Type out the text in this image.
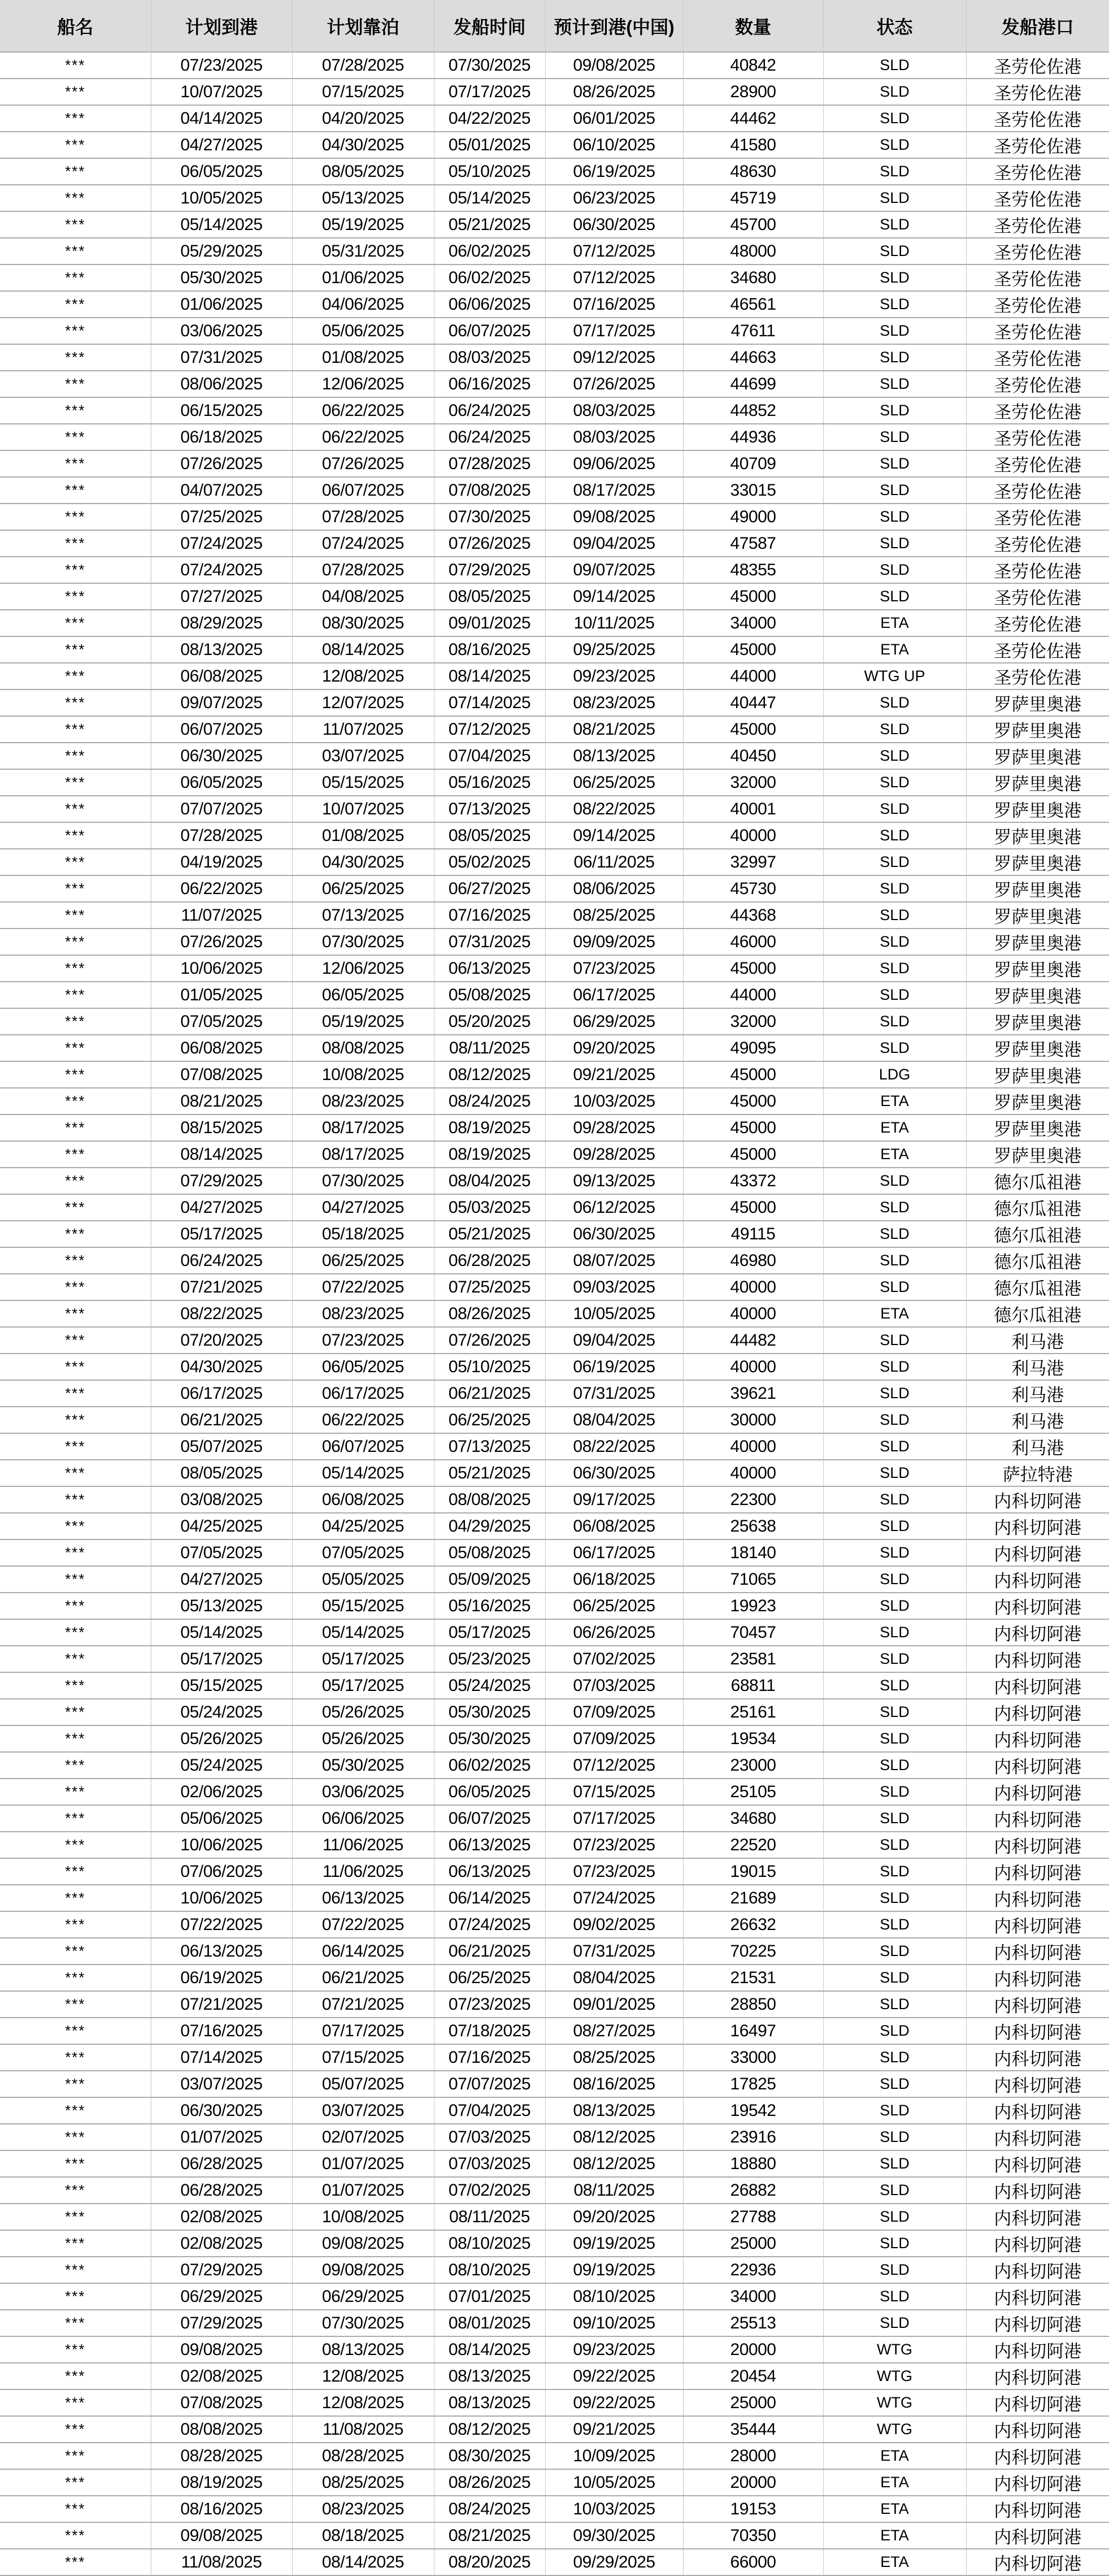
船名	计划到港	计划靠泊	发船时间	预计到港(中国)	数量	状态	发船港口
***	07/23/2025	07/28/2025	07/30/2025	09/08/2025	40842	SLD	圣劳伦佐港
***	10/07/2025	07/15/2025	07/17/2025	08/26/2025	28900	SLD	圣劳伦佐港
***	04/14/2025	04/20/2025	04/22/2025	06/01/2025	44462	SLD	圣劳伦佐港
***	04/27/2025	04/30/2025	05/01/2025	06/10/2025	41580	SLD	圣劳伦佐港
***	06/05/2025	08/05/2025	05/10/2025	06/19/2025	48630	SLD	圣劳伦佐港
***	10/05/2025	05/13/2025	05/14/2025	06/23/2025	45719	SLD	圣劳伦佐港
***	05/14/2025	05/19/2025	05/21/2025	06/30/2025	45700	SLD	圣劳伦佐港
***	05/29/2025	05/31/2025	06/02/2025	07/12/2025	48000	SLD	圣劳伦佐港
***	05/30/2025	01/06/2025	06/02/2025	07/12/2025	34680	SLD	圣劳伦佐港
***	01/06/2025	04/06/2025	06/06/2025	07/16/2025	46561	SLD	圣劳伦佐港
***	03/06/2025	05/06/2025	06/07/2025	07/17/2025	47611	SLD	圣劳伦佐港
***	07/31/2025	01/08/2025	08/03/2025	09/12/2025	44663	SLD	圣劳伦佐港
***	08/06/2025	12/06/2025	06/16/2025	07/26/2025	44699	SLD	圣劳伦佐港
***	06/15/2025	06/22/2025	06/24/2025	08/03/2025	44852	SLD	圣劳伦佐港
***	06/18/2025	06/22/2025	06/24/2025	08/03/2025	44936	SLD	圣劳伦佐港
***	07/26/2025	07/26/2025	07/28/2025	09/06/2025	40709	SLD	圣劳伦佐港
***	04/07/2025	06/07/2025	07/08/2025	08/17/2025	33015	SLD	圣劳伦佐港
***	07/25/2025	07/28/2025	07/30/2025	09/08/2025	49000	SLD	圣劳伦佐港
***	07/24/2025	07/24/2025	07/26/2025	09/04/2025	47587	SLD	圣劳伦佐港
***	07/24/2025	07/28/2025	07/29/2025	09/07/2025	48355	SLD	圣劳伦佐港
***	07/27/2025	04/08/2025	08/05/2025	09/14/2025	45000	SLD	圣劳伦佐港
***	08/29/2025	08/30/2025	09/01/2025	10/11/2025	34000	ETA	圣劳伦佐港
***	08/13/2025	08/14/2025	08/16/2025	09/25/2025	45000	ETA	圣劳伦佐港
***	06/08/2025	12/08/2025	08/14/2025	09/23/2025	44000	WTG UP	圣劳伦佐港
***	09/07/2025	12/07/2025	07/14/2025	08/23/2025	40447	SLD	罗萨里奥港
***	06/07/2025	11/07/2025	07/12/2025	08/21/2025	45000	SLD	罗萨里奥港
***	06/30/2025	03/07/2025	07/04/2025	08/13/2025	40450	SLD	罗萨里奥港
***	06/05/2025	05/15/2025	05/16/2025	06/25/2025	32000	SLD	罗萨里奥港
***	07/07/2025	10/07/2025	07/13/2025	08/22/2025	40001	SLD	罗萨里奥港
***	07/28/2025	01/08/2025	08/05/2025	09/14/2025	40000	SLD	罗萨里奥港
***	04/19/2025	04/30/2025	05/02/2025	06/11/2025	32997	SLD	罗萨里奥港
***	06/22/2025	06/25/2025	06/27/2025	08/06/2025	45730	SLD	罗萨里奥港
***	11/07/2025	07/13/2025	07/16/2025	08/25/2025	44368	SLD	罗萨里奥港
***	07/26/2025	07/30/2025	07/31/2025	09/09/2025	46000	SLD	罗萨里奥港
***	10/06/2025	12/06/2025	06/13/2025	07/23/2025	45000	SLD	罗萨里奥港
***	01/05/2025	06/05/2025	05/08/2025	06/17/2025	44000	SLD	罗萨里奥港
***	07/05/2025	05/19/2025	05/20/2025	06/29/2025	32000	SLD	罗萨里奥港
***	06/08/2025	08/08/2025	08/11/2025	09/20/2025	49095	SLD	罗萨里奥港
***	07/08/2025	10/08/2025	08/12/2025	09/21/2025	45000	LDG	罗萨里奥港
***	08/21/2025	08/23/2025	08/24/2025	10/03/2025	45000	ETA	罗萨里奥港
***	08/15/2025	08/17/2025	08/19/2025	09/28/2025	45000	ETA	罗萨里奥港
***	08/14/2025	08/17/2025	08/19/2025	09/28/2025	45000	ETA	罗萨里奥港
***	07/29/2025	07/30/2025	08/04/2025	09/13/2025	43372	SLD	德尔瓜祖港
***	04/27/2025	04/27/2025	05/03/2025	06/12/2025	45000	SLD	德尔瓜祖港
***	05/17/2025	05/18/2025	05/21/2025	06/30/2025	49115	SLD	德尔瓜祖港
***	06/24/2025	06/25/2025	06/28/2025	08/07/2025	46980	SLD	德尔瓜祖港
***	07/21/2025	07/22/2025	07/25/2025	09/03/2025	40000	SLD	德尔瓜祖港
***	08/22/2025	08/23/2025	08/26/2025	10/05/2025	40000	ETA	德尔瓜祖港
***	07/20/2025	07/23/2025	07/26/2025	09/04/2025	44482	SLD	利马港
***	04/30/2025	06/05/2025	05/10/2025	06/19/2025	40000	SLD	利马港
***	06/17/2025	06/17/2025	06/21/2025	07/31/2025	39621	SLD	利马港
***	06/21/2025	06/22/2025	06/25/2025	08/04/2025	30000	SLD	利马港
***	05/07/2025	06/07/2025	07/13/2025	08/22/2025	40000	SLD	利马港
***	08/05/2025	05/14/2025	05/21/2025	06/30/2025	40000	SLD	萨拉特港
***	03/08/2025	06/08/2025	08/08/2025	09/17/2025	22300	SLD	内科切阿港
***	04/25/2025	04/25/2025	04/29/2025	06/08/2025	25638	SLD	内科切阿港
***	07/05/2025	07/05/2025	05/08/2025	06/17/2025	18140	SLD	内科切阿港
***	04/27/2025	05/05/2025	05/09/2025	06/18/2025	71065	SLD	内科切阿港
***	05/13/2025	05/15/2025	05/16/2025	06/25/2025	19923	SLD	内科切阿港
***	05/14/2025	05/14/2025	05/17/2025	06/26/2025	70457	SLD	内科切阿港
***	05/17/2025	05/17/2025	05/23/2025	07/02/2025	23581	SLD	内科切阿港
***	05/15/2025	05/17/2025	05/24/2025	07/03/2025	68811	SLD	内科切阿港
***	05/24/2025	05/26/2025	05/30/2025	07/09/2025	25161	SLD	内科切阿港
***	05/26/2025	05/26/2025	05/30/2025	07/09/2025	19534	SLD	内科切阿港
***	05/24/2025	05/30/2025	06/02/2025	07/12/2025	23000	SLD	内科切阿港
***	02/06/2025	03/06/2025	06/05/2025	07/15/2025	25105	SLD	内科切阿港
***	05/06/2025	06/06/2025	06/07/2025	07/17/2025	34680	SLD	内科切阿港
***	10/06/2025	11/06/2025	06/13/2025	07/23/2025	22520	SLD	内科切阿港
***	07/06/2025	11/06/2025	06/13/2025	07/23/2025	19015	SLD	内科切阿港
***	10/06/2025	06/13/2025	06/14/2025	07/24/2025	21689	SLD	内科切阿港
***	07/22/2025	07/22/2025	07/24/2025	09/02/2025	26632	SLD	内科切阿港
***	06/13/2025	06/14/2025	06/21/2025	07/31/2025	70225	SLD	内科切阿港
***	06/19/2025	06/21/2025	06/25/2025	08/04/2025	21531	SLD	内科切阿港
***	07/21/2025	07/21/2025	07/23/2025	09/01/2025	28850	SLD	内科切阿港
***	07/16/2025	07/17/2025	07/18/2025	08/27/2025	16497	SLD	内科切阿港
***	07/14/2025	07/15/2025	07/16/2025	08/25/2025	33000	SLD	内科切阿港
***	03/07/2025	05/07/2025	07/07/2025	08/16/2025	17825	SLD	内科切阿港
***	06/30/2025	03/07/2025	07/04/2025	08/13/2025	19542	SLD	内科切阿港
***	01/07/2025	02/07/2025	07/03/2025	08/12/2025	23916	SLD	内科切阿港
***	06/28/2025	01/07/2025	07/03/2025	08/12/2025	18880	SLD	内科切阿港
***	06/28/2025	01/07/2025	07/02/2025	08/11/2025	26882	SLD	内科切阿港
***	02/08/2025	10/08/2025	08/11/2025	09/20/2025	27788	SLD	内科切阿港
***	02/08/2025	09/08/2025	08/10/2025	09/19/2025	25000	SLD	内科切阿港
***	07/29/2025	09/08/2025	08/10/2025	09/19/2025	22936	SLD	内科切阿港
***	06/29/2025	06/29/2025	07/01/2025	08/10/2025	34000	SLD	内科切阿港
***	07/29/2025	07/30/2025	08/01/2025	09/10/2025	25513	SLD	内科切阿港
***	09/08/2025	08/13/2025	08/14/2025	09/23/2025	20000	WTG	内科切阿港
***	02/08/2025	12/08/2025	08/13/2025	09/22/2025	20454	WTG	内科切阿港
***	07/08/2025	12/08/2025	08/13/2025	09/22/2025	25000	WTG	内科切阿港
***	08/08/2025	11/08/2025	08/12/2025	09/21/2025	35444	WTG	内科切阿港
***	08/28/2025	08/28/2025	08/30/2025	10/09/2025	28000	ETA	内科切阿港
***	08/19/2025	08/25/2025	08/26/2025	10/05/2025	20000	ETA	内科切阿港
***	08/16/2025	08/23/2025	08/24/2025	10/03/2025	19153	ETA	内科切阿港
***	09/08/2025	08/18/2025	08/21/2025	09/30/2025	70350	ETA	内科切阿港
***	11/08/2025	08/14/2025	08/20/2025	09/29/2025	66000	ETA	内科切阿港
